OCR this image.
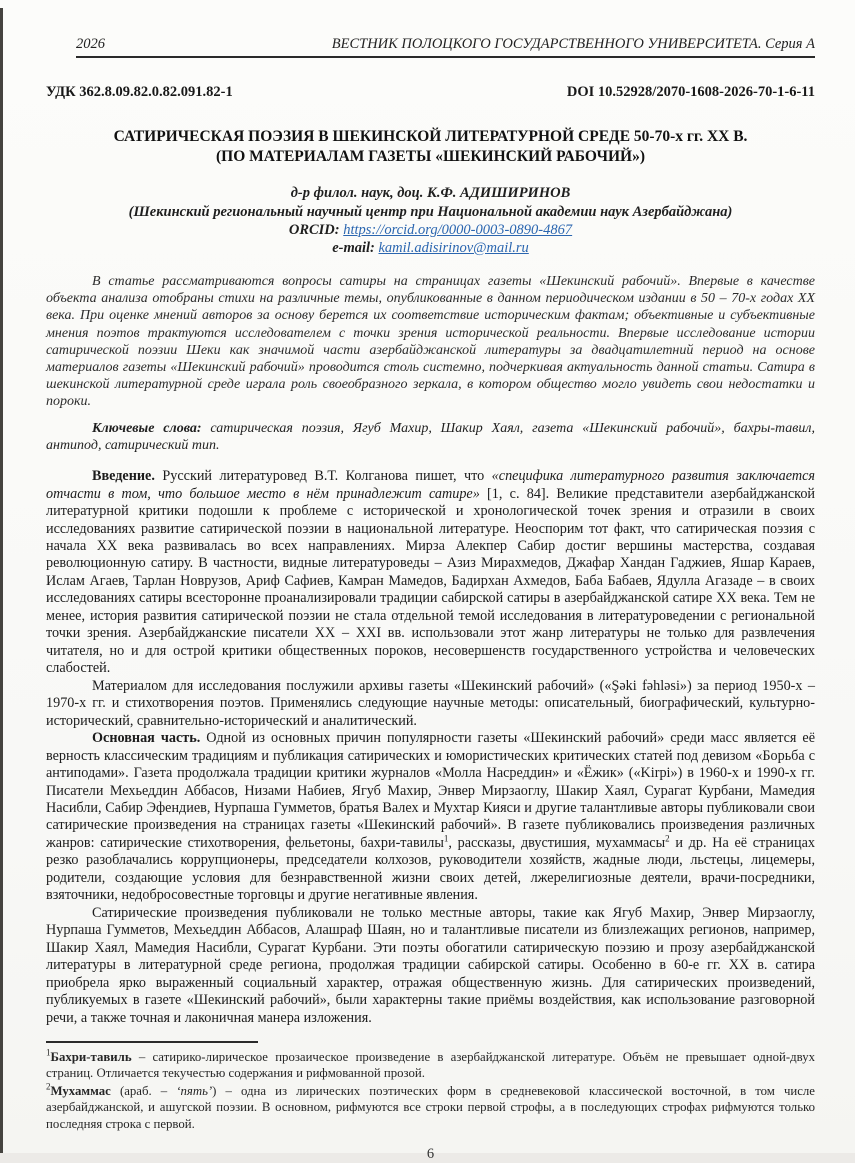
2026	ВЕСТНИК ПОЛОЦКОГО ГОСУДАРСТВЕННОГО УНИВЕРСИТЕТА. Серия А
УДК 362.8.09.82.0.82.091.82-1	DOI 10.52928/2070-1608-2026-70-1-6-11
САТИРИЧЕСКАЯ ПОЭЗИЯ В ШЕКИНСКОЙ ЛИТЕРАТУРНОЙ СРЕДЕ 50-70-х гг. XX В.
(ПО МАТЕРИАЛАМ ГАЗЕТЫ «ШЕКИНСКИЙ РАБОЧИЙ»)
д-р филол. наук, доц. К.Ф. АДИШИРИНОВ
(Шекинский региональный научный центр при Национальной академии наук Азербайджана)
ORCID: https://orcid.org/0000-0003-0890-4867
e-mail: kamil.adisirinov@mail.ru

В статье рассматриваются вопросы сатиры на страницах газеты «Шекинский рабочий». Впервые в качестве объекта анализа отобраны стихи на различные темы, опубликованные в данном периодическом издании в 50 – 70-х годах XX века. При оценке мнений авторов за основу берется их соответствие историческим фактам; объективные и субъективные мнения поэтов трактуются исследователем с точки зрения исторической реальности. Впервые исследование истории сатирической поэзии Шеки как значимой части азербайджанской литературы за двадцатилетний период на основе материалов газеты «Шекинский рабочий» проводится столь системно, подчеркивая актуальность данной статьи. Сатира в шекинской литературной среде играла роль своеобразного зеркала, в котором общество могло увидеть свои недостатки и пороки.

Ключевые слова: сатирическая поэзия, Ягуб Махир, Шакир Хаял, газета «Шекинский рабочий», бахры-тавил, антипод, сатирический тип.

Введение. Русский литературовед В.Т. Колганова пишет, что «специфика литературного развития заключается отчасти в том, что большое место в нём принадлежит сатире» [1, с. 84]. Великие представители азербайджанской литературной критики подошли к проблеме с исторической и хронологической точек зрения и отразили в своих исследованиях развитие сатирической поэзии в национальной литературе. Неоспорим тот факт, что сатирическая поэзия с начала XX века развивалась во всех направлениях. Мирза Алекпер Сабир достиг вершины мастерства, создавая революционную сатиру. В частности, видные литературоведы – Азиз Мирахмедов, Джафар Хандан Гаджиев, Яшар Караев, Ислам Агаев, Тарлан Новрузов, Ариф Сафиев, Камран Мамедов, Бадирхан Ахмедов, Баба Бабаев, Ядулла Агазаде – в своих исследованиях сатиры всесторонне проанализировали традиции сабирской сатиры в азербайджанской сатире XX века. Тем не менее, история развития сатирической поэзии не стала отдельной темой исследования в литературоведении с региональной точки зрения. Азербайджанские писатели XX – XXI вв. использовали этот жанр литературы не только для развлечения читателя, но и для острой критики общественных пороков, несовершенств государственного устройства и человеческих слабостей.

Материалом для исследования послужили архивы газеты «Шекинский рабочий» («Şəki fəhləsi») за период 1950-х – 1970-х гг. и стихотворения поэтов. Применялись следующие научные методы: описательный, биографический, культурно-исторический, сравнительно-исторический и аналитический.

Основная часть. Одной из основных причин популярности газеты «Шекинский рабочий» среди масс является её верность классическим традициям и публикация сатирических и юмористических критических статей под девизом «Борьба с антиподами». Газета продолжала традиции критики журналов «Молла Насреддин» и «Ёжик» («Kirpi») в 1960-х и 1990-х гг. Писатели Мехьеддин Аббасов, Низами Набиев, Ягуб Махир, Энвер Мирзаоглу, Шакир Хаял, Сурагат Курбани, Мамедия Насибли, Сабир Эфендиев, Нурпаша Гумметов, братья Валех и Мухтар Кияси и другие талантливые авторы публиковали свои сатирические произведения на страницах газеты «Шекинский рабочий». В газете публиковались произведения различных жанров: сатирические стихотворения, фельетоны, бахри-тавилы$^1$, рассказы, двустишия, мухаммасы$^2$ и др. На её страницах резко разоблачались коррупционеры, председатели колхозов, руководители хозяйств, жадные люди, льстецы, лицемеры, родители, создающие условия для безнравственной жизни своих детей, лжерелигиозные деятели, врачи-посредники, взяточники, недобросовестные торговцы и другие негативные явления.

Сатирические произведения публиковали не только местные авторы, такие как Ягуб Махир, Энвер Мирзаоглу, Нурпаша Гумметов, Мехьеддин Аббасов, Алашраф Шаян, но и талантливые писатели из близлежащих регионов, например, Шакир Хаял, Мамедия Насибли, Сурагат Курбани. Эти поэты обогатили сатирическую поэзию и прозу азербайджанской литературы в литературной среде региона, продолжая традиции сабирской сатиры. Особенно в 60-е гг. XX в. сатира приобрела ярко выраженный социальный характер, отражая общественную жизнь. Для сатирических произведений, публикуемых в газете «Шекинский рабочий», были характерны такие приёмы воздействия, как использование разговорной речи, а также точная и лаконичная манера изложения.

$^1$Бахри-тавиль – сатирико-лирическое прозаическое произведение в азербайджанской литературе. Объём не превышает одной-двух страниц. Отличается текучестью содержания и рифмованной прозой.

$^2$Мухаммас (араб. – ‘пять’) – одна из лирических поэтических форм в средневековой классической восточной, в том числе азербайджанской, и ашугской поэзии. В основном, рифмуются все строки первой строфы, а в последующих строфах рифмуются только последняя строка с первой.

6
